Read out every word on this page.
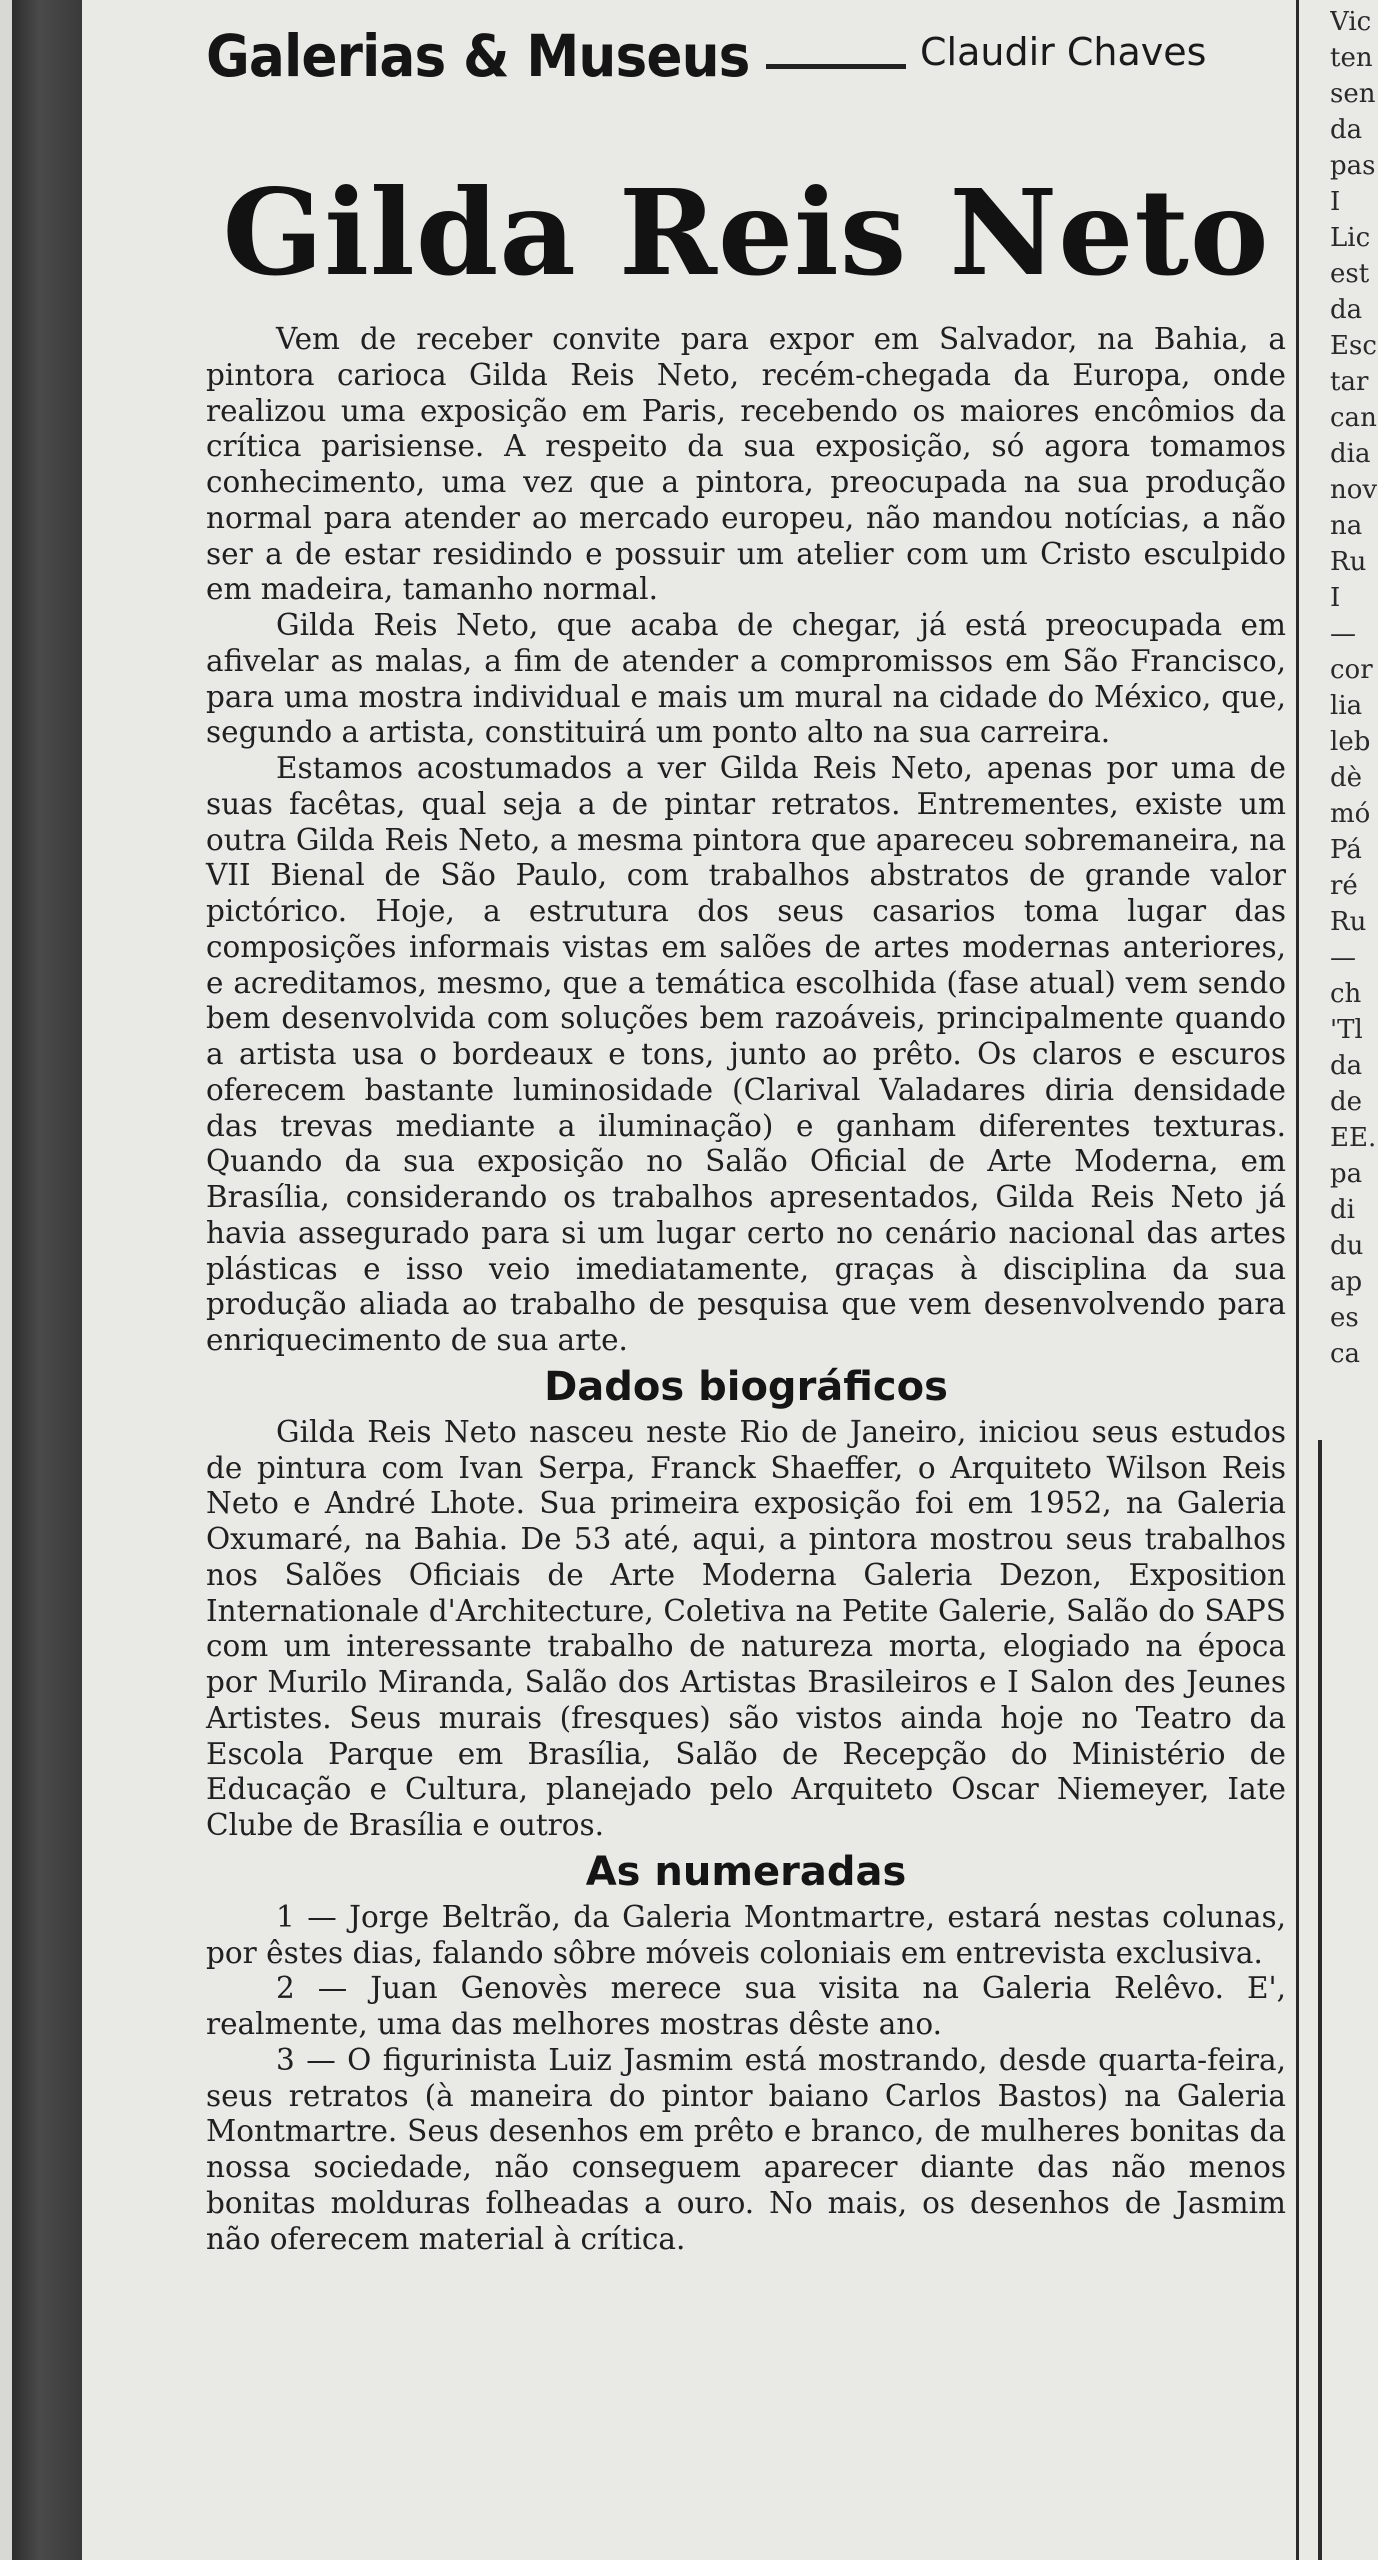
Galerias & Museus	Claudir Chaves
Gilda Reis Neto

Vem de receber convite para expor em Salvador, na Bahia, a pintora carioca Gilda Reis Neto, recém-chegada da Europa, onde realizou uma exposição em Paris, recebendo os maiores encômios da crítica parisiense. A respeito da sua exposição, só agora tomamos conhecimento, uma vez que a pintora, preocupada na sua produção normal para atender ao mercado europeu, não mandou notícias, a não ser a de estar residindo e possuir um atelier com um Cristo esculpido em madeira, tamanho normal.

Gilda Reis Neto, que acaba de chegar, já está preocupada em afivelar as malas, a fim de atender a compromissos em São Francisco, para uma mostra individual e mais um mural na cidade do México, que, segundo a artista, constituirá um ponto alto na sua carreira.

Estamos acostumados a ver Gilda Reis Neto, apenas por uma de suas facêtas, qual seja a de pintar retratos. Entrementes, existe um outra Gilda Reis Neto, a mesma pintora que apareceu sobremaneira, na VII Bienal de São Paulo, com trabalhos abstratos de grande valor pictórico. Hoje, a estrutura dos seus casarios toma lugar das composições informais vistas em salões de artes modernas anteriores, e acreditamos, mesmo, que a temática escolhida (fase atual) vem sendo bem desenvolvida com soluções bem razoáveis, principalmente quando a artista usa o bordeaux e tons, junto ao prêto. Os claros e escuros oferecem bastante luminosidade (Clarival Valadares diria densidade das trevas mediante a iluminação) e ganham diferentes texturas. Quando da sua exposição no Salão Oficial de Arte Moderna, em Brasília, considerando os trabalhos apresentados, Gilda Reis Neto já havia assegurado para si um lugar certo no cenário nacional das artes plásticas e isso veio imediatamente, graças à disciplina da sua produção aliada ao trabalho de pesquisa que vem desenvolvendo para enriquecimento de sua arte.

Dados biográficos

Gilda Reis Neto nasceu neste Rio de Janeiro, iniciou seus estudos de pintura com Ivan Serpa, Franck Shaeffer, o Arquiteto Wilson Reis Neto e André Lhote. Sua primeira exposição foi em 1952, na Galeria Oxumaré, na Bahia. De 53 até, aqui, a pintora mostrou seus trabalhos nos Salões Oficiais de Arte Moderna Galeria Dezon, Exposition Internationale d'Architecture, Coletiva na Petite Galerie, Salão do SAPS com um interessante trabalho de natureza morta, elogiado na época por Murilo Miranda, Salão dos Artistas Brasileiros e I Salon des Jeunes Artistes. Seus murais (fresques) são vistos ainda hoje no Teatro da Escola Parque em Brasília, Salão de Recepção do Ministério de Educação e Cultura, planejado pelo Arquiteto Oscar Niemeyer, Iate Clube de Brasília e outros.

As numeradas

1 — Jorge Beltrão, da Galeria Montmartre, estará nestas colunas, por êstes dias, falando sôbre móveis coloniais em entrevista exclusiva.

2 — Juan Genovès merece sua visita na Galeria Relêvo. E', realmente, uma das melhores mostras dêste ano.

3 — O figurinista Luiz Jasmim está mostrando, desde quarta-feira, seus retratos (à maneira do pintor baiano Carlos Bastos) na Galeria Montmartre. Seus desenhos em prêto e branco, de mulheres bonitas da nossa sociedade, não conseguem aparecer diante das não menos bonitas molduras folheadas a ouro. No mais, os desenhos de Jasmim não oferecem material à crítica.

Vic
ten
sen
da
pas
I
Lic
est
da
Esc
tar
can
dia
nov
na
Ru
I
—
cor
lia
leb
dè
mó
Pá
ré
Ru
—
ch
'Tl
da
de
EE.
pa
di
du
ap
es
ca
